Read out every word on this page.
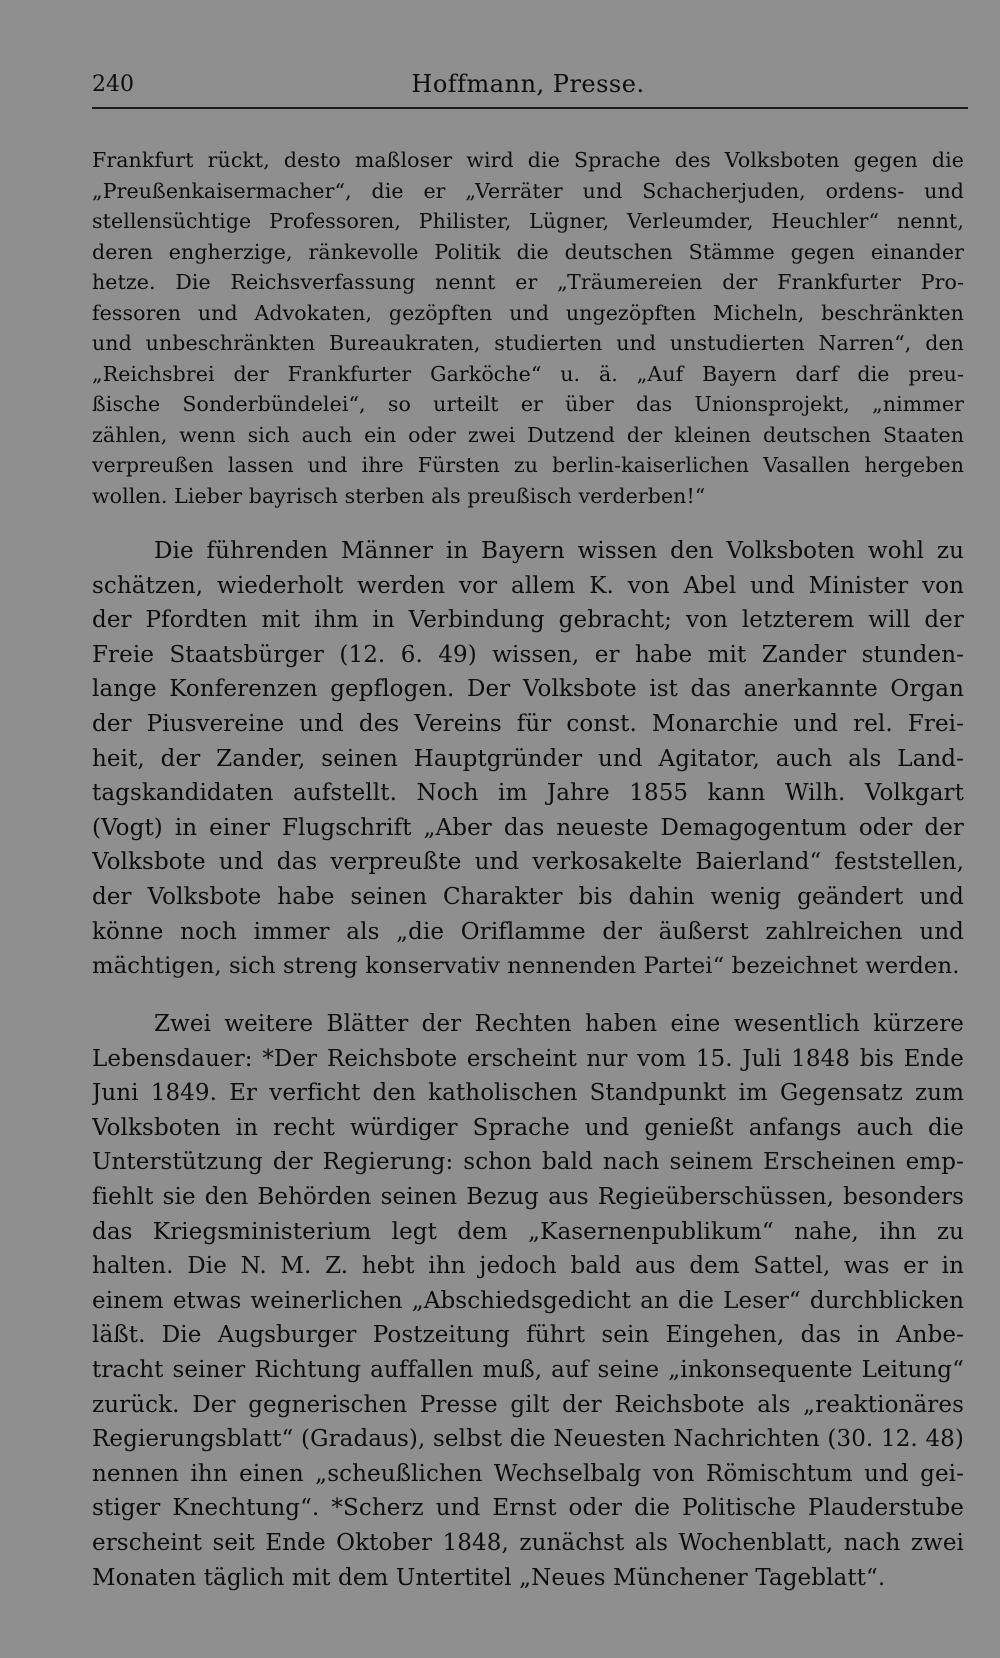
240	Hoffmann, Presse.
Frankfurt rückt, desto maßloser wird die Sprache des Volksboten gegen die
„Preußenkaisermacher“, die er „Verräter und Schacherjuden, ordens- und
stellensüchtige Professoren, Philister, Lügner, Verleumder, Heuchler“ nennt,
deren engherzige, ränkevolle Politik die deutschen Stämme gegen einander
hetze. Die Reichsverfassung nennt er „Träumereien der Frankfurter Pro-
fessoren und Advokaten, gezöpften und ungezöpften Micheln, beschränkten
und unbeschränkten Bureaukraten, studierten und unstudierten Narren“, den
„Reichsbrei der Frankfurter Garköche“ u. ä. „Auf Bayern darf die preu-
ßische Sonderbündelei“, so urteilt er über das Unionsprojekt, „nimmer
zählen, wenn sich auch ein oder zwei Dutzend der kleinen deutschen Staaten
verpreußen lassen und ihre Fürsten zu berlin-kaiserlichen Vasallen hergeben
wollen. Lieber bayrisch sterben als preußisch verderben!“
Die führenden Männer in Bayern wissen den Volksboten wohl zu
schätzen, wiederholt werden vor allem K. von Abel und Minister von
der Pfordten mit ihm in Verbindung gebracht; von letzterem will der
Freie Staatsbürger (12. 6. 49) wissen, er habe mit Zander stunden-
lange Konferenzen gepflogen. Der Volksbote ist das anerkannte Organ
der Piusvereine und des Vereins für const. Monarchie und rel. Frei-
heit, der Zander, seinen Hauptgründer und Agitator, auch als Land-
tagskandidaten aufstellt. Noch im Jahre 1855 kann Wilh. Volkgart
(Vogt) in einer Flugschrift „Aber das neueste Demagogentum oder der
Volksbote und das verpreußte und verkosakelte Baierland“ feststellen,
der Volksbote habe seinen Charakter bis dahin wenig geändert und
könne noch immer als „die Oriflamme der äußerst zahlreichen und
mächtigen, sich streng konservativ nennenden Partei“ bezeichnet werden.
Zwei weitere Blätter der Rechten haben eine wesentlich kürzere
Lebensdauer: *Der Reichsbote erscheint nur vom 15. Juli 1848 bis Ende
Juni 1849. Er verficht den katholischen Standpunkt im Gegensatz zum
Volksboten in recht würdiger Sprache und genießt anfangs auch die
Unterstützung der Regierung: schon bald nach seinem Erscheinen emp-
fiehlt sie den Behörden seinen Bezug aus Regieüberschüssen, besonders
das Kriegsministerium legt dem „Kasernenpublikum“ nahe, ihn zu
halten. Die N. M. Z. hebt ihn jedoch bald aus dem Sattel, was er in
einem etwas weinerlichen „Abschiedsgedicht an die Leser“ durchblicken
läßt. Die Augsburger Postzeitung führt sein Eingehen, das in Anbe-
tracht seiner Richtung auffallen muß, auf seine „inkonsequente Leitung“
zurück. Der gegnerischen Presse gilt der Reichsbote als „reaktionäres
Regierungsblatt“ (Gradaus), selbst die Neuesten Nachrichten (30. 12. 48)
nennen ihn einen „scheußlichen Wechselbalg von Römischtum und gei-
stiger Knechtung“. *Scherz und Ernst oder die Politische Plauderstube
erscheint seit Ende Oktober 1848, zunächst als Wochenblatt, nach zwei
Monaten täglich mit dem Untertitel „Neues Münchener Tageblatt“.
